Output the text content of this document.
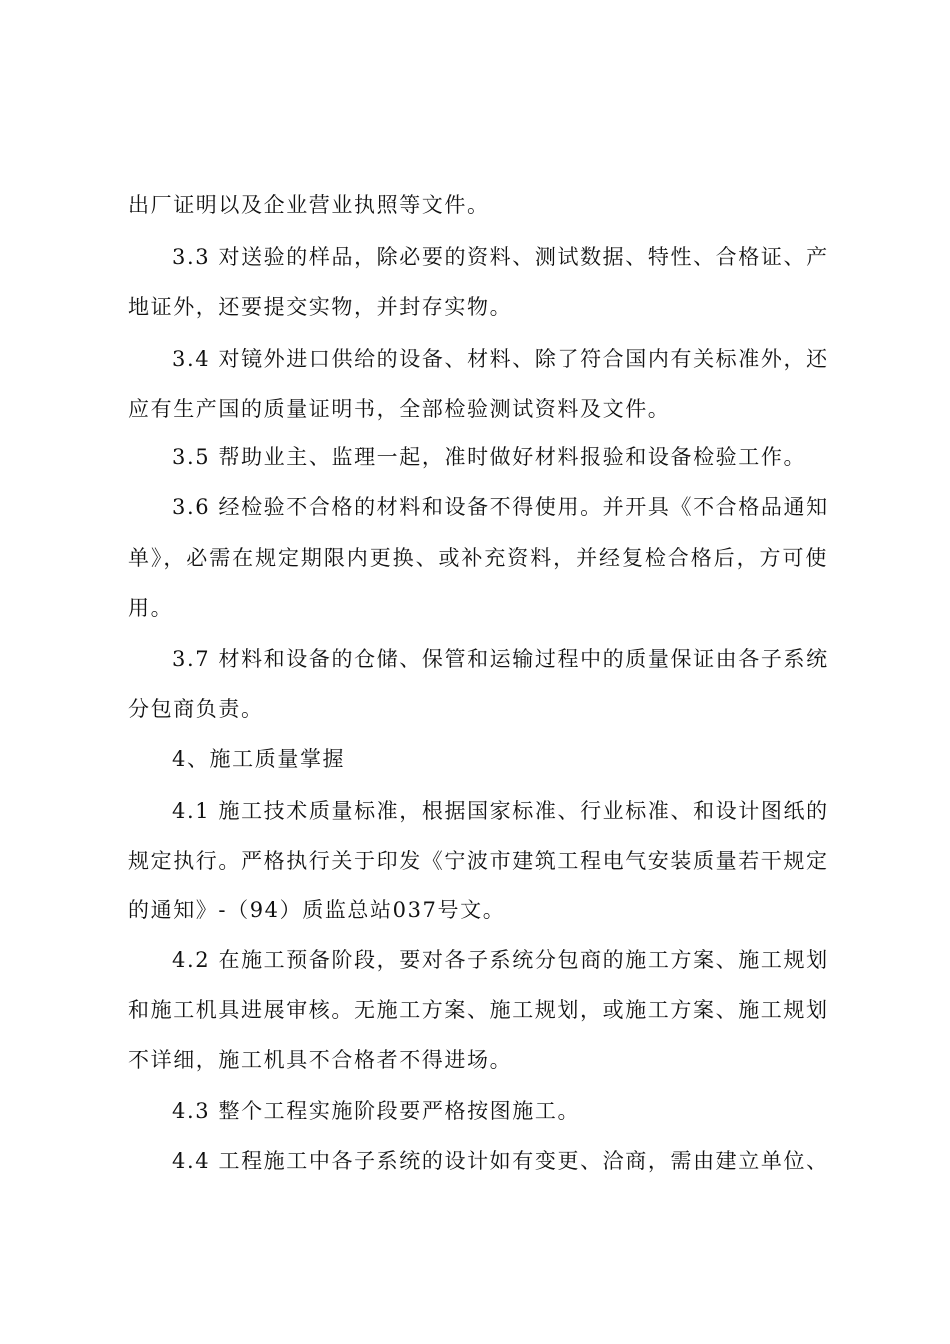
出厂证明以及企业营业执照等文件。
3.3 对送验的样品，除必要的资料、测试数据、特性、合格证、产
地证外，还要提交实物，并封存实物。
3.4 对镜外进口供给的设备、材料、除了符合国内有关标准外，还
应有生产国的质量证明书，全部检验测试资料及文件。
3.5 帮助业主、监理一起，准时做好材料报验和设备检验工作。
3.6 经检验不合格的材料和设备不得使用。并开具《不合格品通知
单》，必需在规定期限内更换、或补充资料，并经复检合格后，方可使
用。
3.7 材料和设备的仓储、保管和运输过程中的质量保证由各子系统
分包商负责。
4、施工质量掌握
4.1 施工技术质量标准，根据国家标准、行业标准、和设计图纸的
规定执行。严格执行关于印发《宁波市建筑工程电气安装质量若干规定
的通知》-（94）质监总站037号文。
4.2 在施工预备阶段，要对各子系统分包商的施工方案、施工规划
和施工机具进展审核。无施工方案、施工规划，或施工方案、施工规划
不详细，施工机具不合格者不得进场。
4.3 整个工程实施阶段要严格按图施工。
4.4 工程施工中各子系统的设计如有变更、洽商，需由建立单位、
